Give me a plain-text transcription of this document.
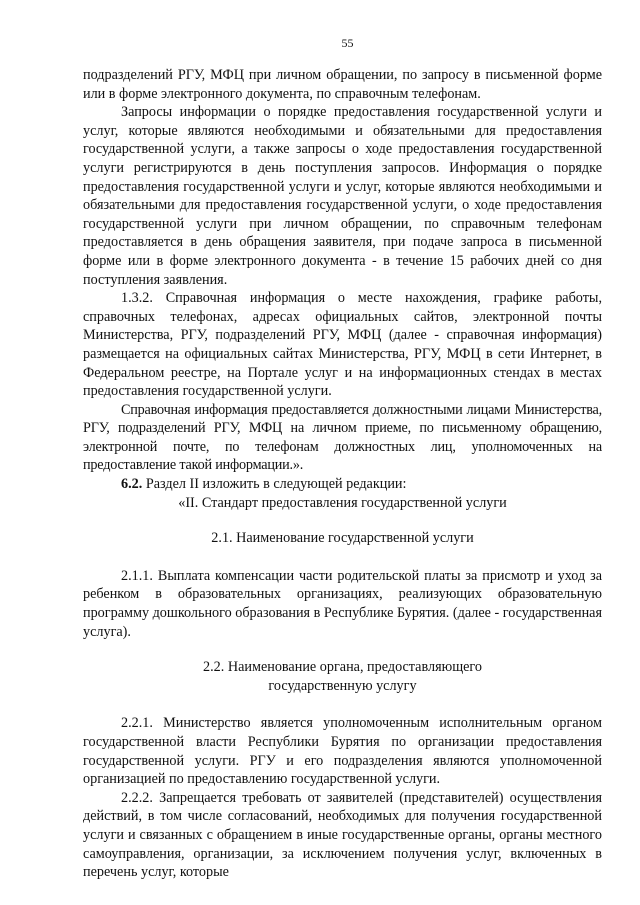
55

подразделений РГУ, МФЦ при личном обращении, по запросу в письменной форме или в форме электронного документа, по справочным телефонам.

Запросы информации о порядке предоставления государственной услуги и услуг, которые являются необходимыми и обязательными для предоставления государственной услуги, а также запросы о ходе предоставления государственной услуги регистрируются в день поступления запросов. Информация о порядке предоставления государственной услуги и услуг, которые являются необходимыми и обязательными для предоставления государственной услуги, о ходе предоставления государственной услуги при личном обращении, по справочным телефонам предоставляется в день обращения заявителя, при подаче запроса в письменной форме или в форме электронного документа - в течение 15 рабочих дней со дня поступления заявления.

1.3.2. Справочная информация о месте нахождения, графике работы, справочных телефонах, адресах официальных сайтов, электронной почты Министерства, РГУ, подразделений РГУ, МФЦ (далее - справочная информация) размещается на официальных сайтах Министерства, РГУ, МФЦ в сети Интернет, в Федеральном реестре, на Портале услуг и на информационных стендах в местах предоставления государственной услуги.

Справочная информация предоставляется должностными лицами Министерства, РГУ, подразделений РГУ, МФЦ на личном приеме, по письменному обращению, электронной почте, по телефонам должностных лиц, уполномоченных на предоставление такой информации.».

6.2. Раздел II изложить в следующей редакции:

«II. Стандарт предоставления государственной услуги

2.1. Наименование государственной услуги

2.1.1. Выплата компенсации части родительской платы за присмотр и уход за ребенком в образовательных организациях, реализующих образовательную программу дошкольного образования в Республике Бурятия. (далее - государственная услуга).

2.2. Наименование органа, предоставляющего

государственную услугу

2.2.1. Министерство является уполномоченным исполнительным органом государственной власти Республики Бурятия по организации предоставления государственной услуги. РГУ и его подразделения являются уполномоченной организацией по предоставлению государственной услуги.

2.2.2. Запрещается требовать от заявителей (представителей) осуществления действий, в том числе согласований, необходимых для получения государственной услуги и связанных с обращением в иные государственные органы, органы местного самоуправления, организации, за исключением получения услуг, включенных в перечень услуг, которые
